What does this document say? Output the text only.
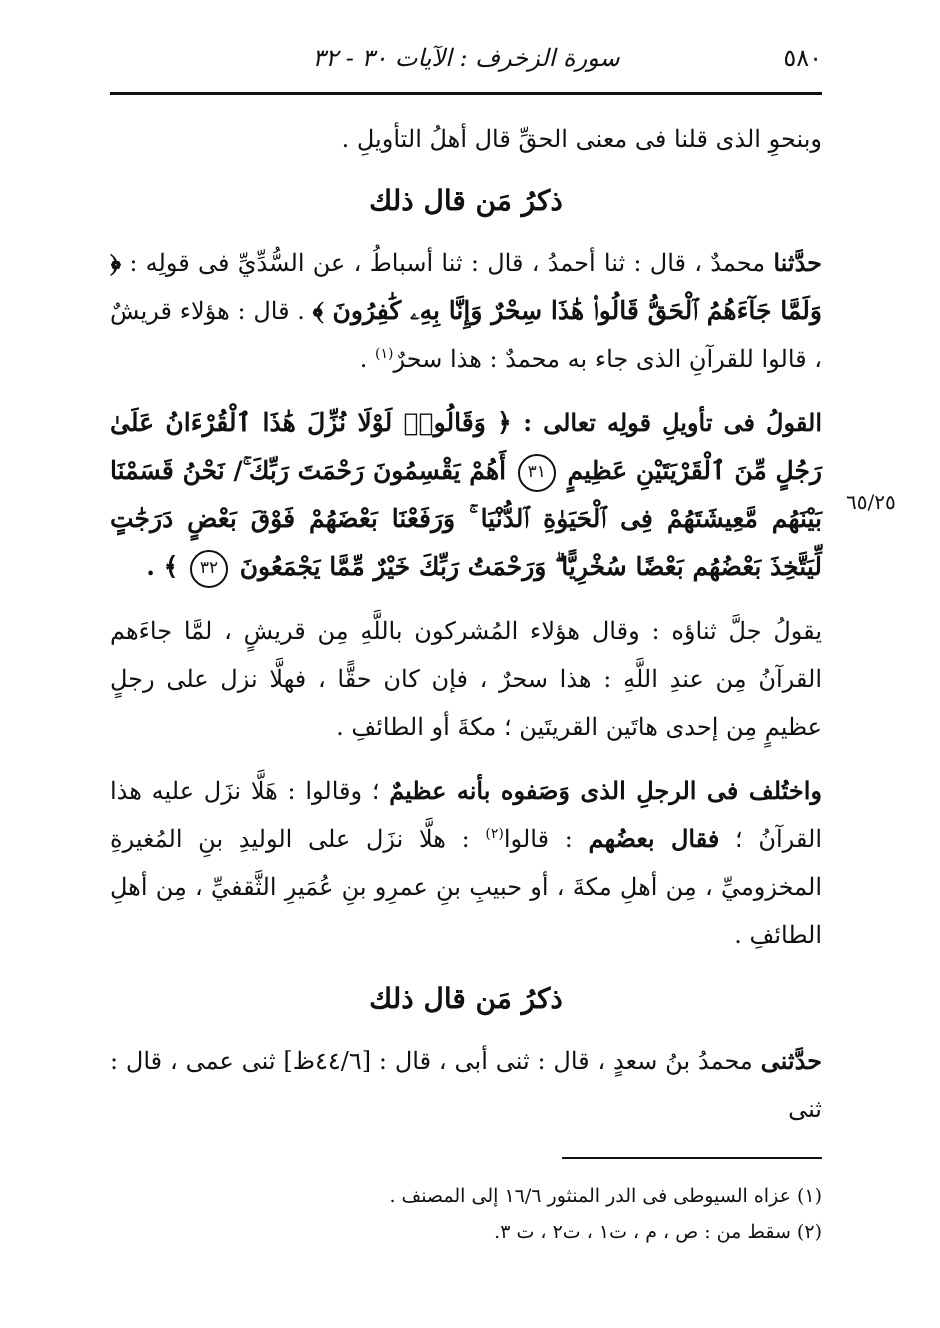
٥٨٠
سورة الزخرف : الآيات ٣٠ - ٣٢
٦٥/٢٥

وبنحوِ الذى قلنا فى معنى الحقِّ قال أهلُ التأويلِ .

ذكرُ مَن قال ذلك

حدَّثنا محمدٌ ، قال : ثنا أحمدُ ، قال : ثنا أسباطُ ، عن السُّدِّيِّ فى قولِه : ﴿ وَلَمَّا جَآءَهُمُ ٱلْحَقُّ قَالُوا۟ هَٰذَا سِحْرٌ وَإِنَّا بِهِۦ كَٰفِرُونَ ﴾ . قال : هؤلاء قريشٌ ، قالوا للقرآنِ الذى جاء به محمدٌ : هذا سحرٌ$^{(١)}$ .

القولُ فى تأويلِ قولِه تعالى : ﴿ وَقَالُوا۟ لَوْلَا نُزِّلَ هَٰذَا ٱلْقُرْءَانُ عَلَىٰ رَجُلٍ مِّنَ ٱلْقَرْيَتَيْنِ عَظِيمٍ ٣١ أَهُمْ يَقْسِمُونَ رَحْمَتَ رَبِّكَ ۚ/ نَحْنُ قَسَمْنَا بَيْنَهُم مَّعِيشَتَهُمْ فِى ٱلْحَيَوٰةِ ٱلدُّنْيَا ۚ وَرَفَعْنَا بَعْضَهُمْ فَوْقَ بَعْضٍ دَرَجَٰتٍ لِّيَتَّخِذَ بَعْضُهُم بَعْضًا سُخْرِيًّا ۗ وَرَحْمَتُ رَبِّكَ خَيْرٌ مِّمَّا يَجْمَعُونَ ٣٢ ﴾ .

يقولُ جلَّ ثناؤه : وقال هؤلاء المُشركون باللَّهِ مِن قريشٍ ، لمَّا جاءَهم القرآنُ مِن عندِ اللَّهِ : هذا سحرٌ ، فإن كان حقًّا ، فهلَّا نزل على رجلٍ عظيمٍ مِن إحدى هاتَين القريتَين ؛ مكةَ أو الطائفِ .

واختُلف فى الرجلِ الذى وَصَفوه بأنه عظيمٌ ؛ وقالوا : هَلَّا نزَل عليه هذا القرآنُ ؛ فقال بعضُهم : قالوا$^{(٢)}$ : هلَّا نزَل على الوليدِ بنِ المُغيرةِ المخزوميِّ ، مِن أهلِ مكةَ ، أو حبيبِ بنِ عمرِو بنِ عُمَيرِ الثَّقفيِّ ، مِن أهلِ الطائفِ .

ذكرُ مَن قال ذلك

حدَّثنى محمدُ بنُ سعدٍ ، قال : ثنى أبى ، قال : [٤٤/٦ظ] ثنى عمى ، قال : ثنى

(١) عزاه السيوطى فى الدر المنثور ١٦/٦ إلى المصنف .

(٢) سقط من : ص ، م ، ت١ ، ت٢ ، ت ٣.
